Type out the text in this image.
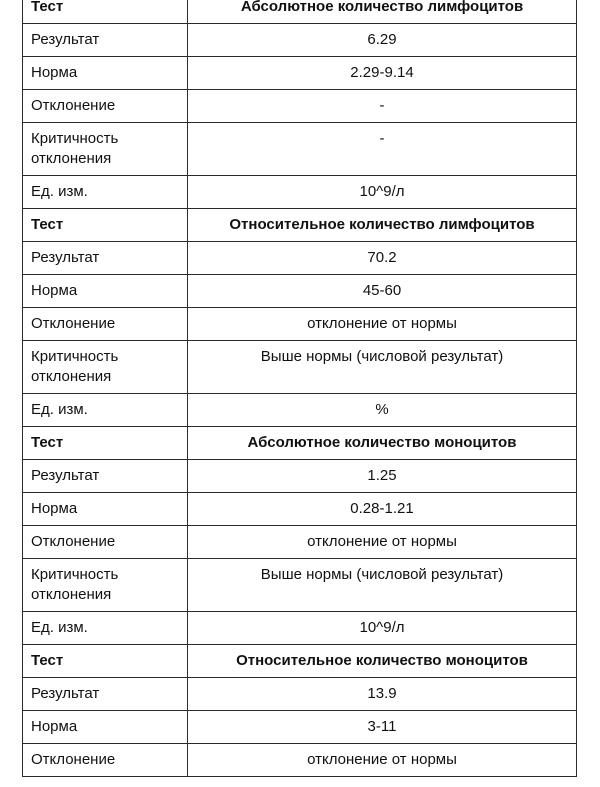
Тест	Абсолютное количество лимфоцитов
Результат	6.29
Норма	2.29-9.14
Отклонение	-
Критичность
отклонения	-
Ед. изм.	10^9/л
Тест	Относительное количество лимфоцитов
Результат	70.2
Норма	45-60
Отклонение	отклонение от нормы
Критичность
отклонения	Выше нормы (числовой результат)
Ед. изм.	%
Тест	Абсолютное количество моноцитов
Результат	1.25
Норма	0.28-1.21
Отклонение	отклонение от нормы
Критичность
отклонения	Выше нормы (числовой результат)
Ед. изм.	10^9/л
Тест	Относительное количество моноцитов
Результат	13.9
Норма	3-11
Отклонение	отклонение от нормы
